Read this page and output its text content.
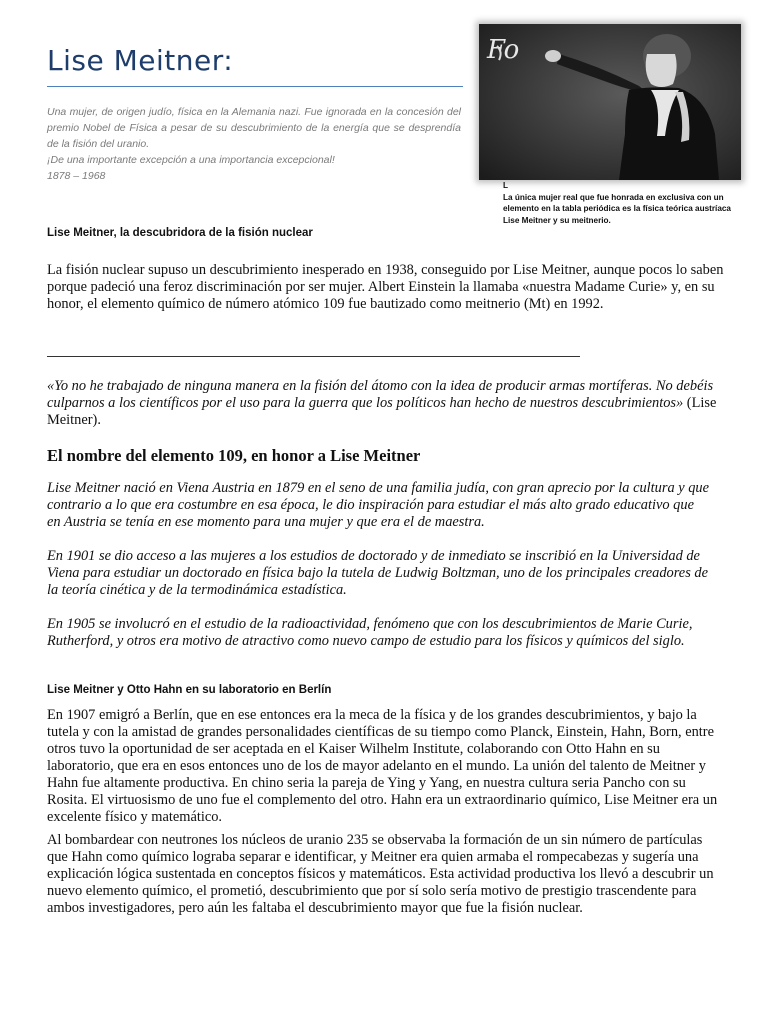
Lise Meitner:

Una mujer, de origen judío, física en la Alemania nazi. Fue ignorada en la concesión del premio Nobel de Física a pesar de su descubrimiento de la energía que se desprendía de la fisión del uranio.

¡De una importante excepción a una importancia excepcional!

1878 – 1968

Fo

L

La única mujer real que fue honrada en exclusiva con un elemento en la tabla periódica es la física teórica austríaca Lise Meitner y su meitnerio.

Lise Meitner, la descubridora de la fisión nuclear
La fisión nuclear supuso un descubrimiento inesperado en 1938, conseguido por Lise Meitner, aunque pocos lo saben porque padeció una feroz discriminación por ser mujer. Albert Einstein la llamaba «nuestra Madame Curie» y, en su honor, el elemento químico de número atómico 109 fue bautizado como meitnerio (Mt) en 1992.
«Yo no he trabajado de ninguna manera en la fisión del átomo con la idea de producir armas mortíferas. No debéis culparnos a los científicos por el uso para la guerra que los políticos han hecho de nuestros descubrimientos» (Lise Meitner).
El nombre del elemento 109, en honor a Lise Meitner
Lise Meitner nació en Viena Austria en 1879 en el seno de una familia judía, con gran aprecio por la cultura y que contrario a lo que era costumbre en esa época, le dio inspiración para estudiar el más alto grado educativo que en Austria se tenía en ese momento para una mujer y que era el de maestra.
En 1901 se dio acceso a las mujeres a los estudios de doctorado y de inmediato se inscribió en la Universidad de Viena para estudiar un doctorado en física bajo la tutela de Ludwig Boltzman, uno de los principales creadores de la teoría cinética y de la termodinámica estadística.
En 1905 se involucró en el estudio de la radioactividad, fenómeno que con los descubrimientos de Marie Curie, Rutherford, y otros era motivo de atractivo como nuevo campo de estudio para los físicos y químicos del siglo.
Lise Meitner y Otto Hahn en su laboratorio en Berlín
En 1907 emigró a Berlín, que en ese entonces era la meca de la física y de los grandes descubrimientos, y bajo la tutela y con la amistad de grandes personalidades científicas de su tiempo como Planck, Einstein, Hahn, Born, entre otros tuvo la oportunidad de ser aceptada en el Kaiser Wilhelm Institute, colaborando con Otto Hahn en su laboratorio, que era en esos entonces uno de los de mayor adelanto en el mundo. La unión del talento de Meitner y Hahn fue altamente productiva. En chino seria la pareja de Ying y Yang, en nuestra cultura seria Pancho con su Rosita. El virtuosismo de uno fue el complemento del otro. Hahn era un extraordinario químico, Lise Meitner era un excelente físico y matemático.
Al bombardear con neutrones los núcleos de uranio 235 se observaba la formación de un sin número de partículas que Hahn como químico lograba separar e identificar, y Meitner era quien armaba el rompecabezas y sugería una explicación lógica sustentada en conceptos físicos y matemáticos. Esta actividad productiva los llevó a descubrir un nuevo elemento químico, el prometió, descubrimiento que por sí solo sería motivo de prestigio trascendente para ambos investigadores, pero aún les faltaba el descubrimiento mayor que fue la fisión nuclear.
